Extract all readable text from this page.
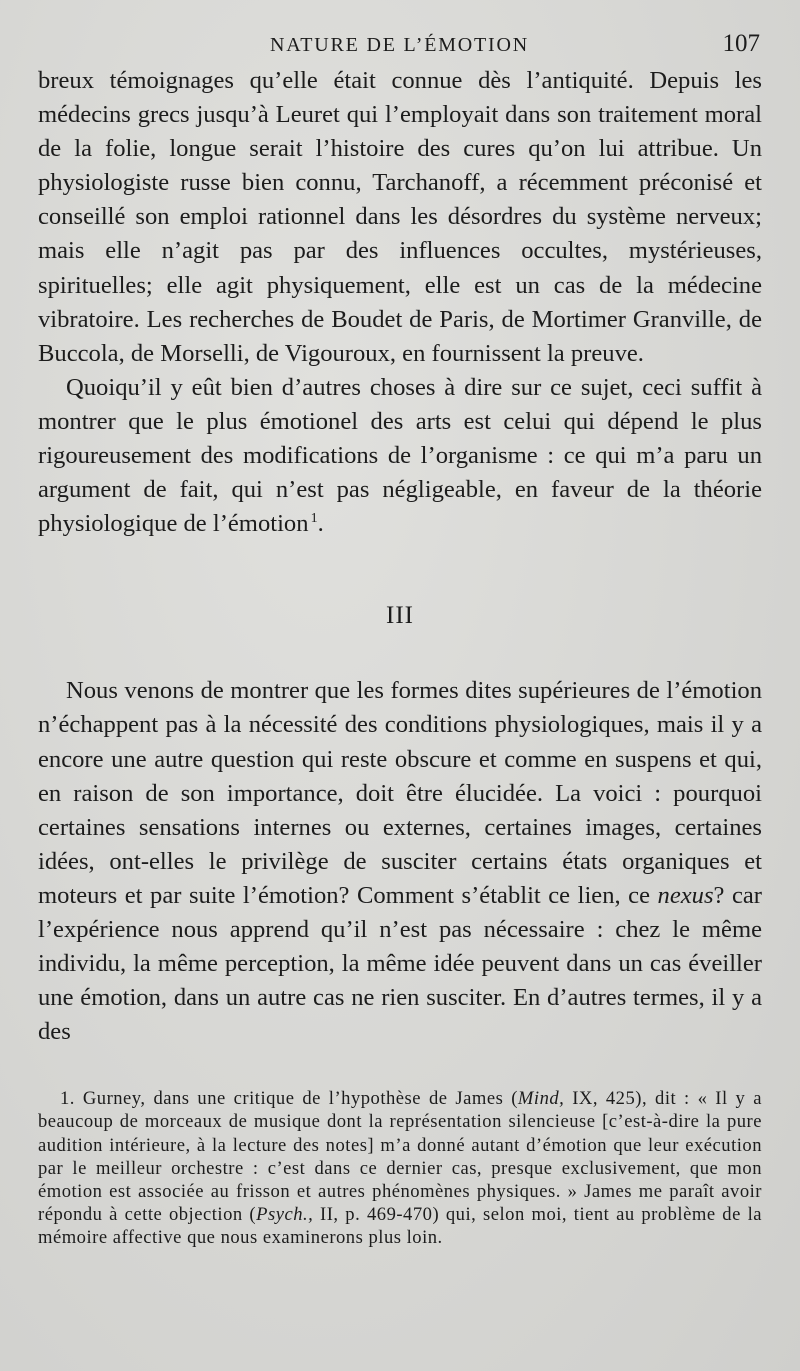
NATURE DE L’ÉMOTION	107

breux témoignages qu’elle était connue dès l’antiquité. Depuis les médecins grecs jusqu’à Leuret qui l’employait dans son traitement moral de la folie, longue serait l’histoire des cures qu’on lui attribue. Un physiologiste russe bien connu, Tarchanoff, a récemment préconisé et conseillé son emploi rationnel dans les désordres du système nerveux; mais elle n’agit pas par des influences occultes, mystérieuses, spirituelles; elle agit physiquement, elle est un cas de la médecine vibratoire. Les recherches de Boudet de Paris, de Mortimer Granville, de Buccola, de Morselli, de Vigouroux, en fournissent la preuve.

Quoiqu’il y eût bien d’autres choses à dire sur ce sujet, ceci suffit à montrer que le plus émotionel des arts est celui qui dépend le plus rigoureusement des modifications de l’organisme : ce qui m’a paru un argument de fait, qui n’est pas négligeable, en faveur de la théorie physiologique de l’émotion  $^1$.

III

Nous venons de montrer que les formes dites supérieures de l’émotion n’échappent pas à la nécessité des conditions physiologiques, mais il y a encore une autre question qui reste obscure et comme en suspens et qui, en raison de son importance, doit être élucidée. La voici : pourquoi certaines sensations internes ou externes, certaines images, certaines idées, ont-elles le privilège de susciter certains états organiques et moteurs et par suite l’émotion? Comment s’établit ce lien, ce nexus? car l’expérience nous apprend qu’il n’est pas nécessaire : chez le même individu, la même perception, la même idée peuvent dans un cas éveiller une émotion, dans un autre cas ne rien susciter. En d’autres termes, il y a des

1. Gurney, dans une critique de l’hypothèse de James (Mind, IX, 425), dit : « Il y a beaucoup de morceaux de musique dont la représentation silencieuse [c’est-à-dire la pure audition intérieure, à la lecture des notes] m’a donné autant d’émotion que leur exécution par le meilleur orchestre : c’est dans ce dernier cas, presque exclusivement, que mon émotion est associée au frisson et autres phénomènes physiques. » James me paraît avoir répondu à cette objection (Psych., II, p. 469-470) qui, selon moi, tient au problème de la mémoire affective que nous examinerons plus loin.
